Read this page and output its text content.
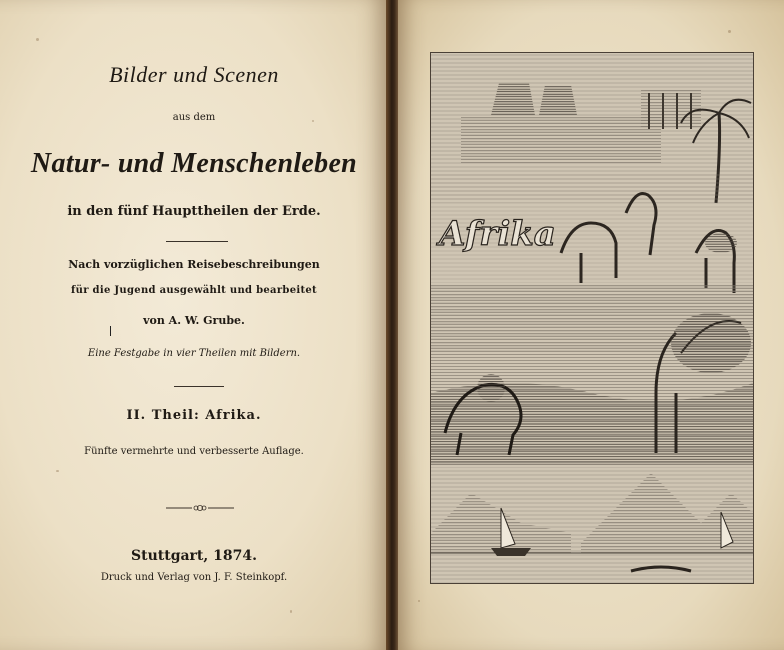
Bilder und Scenen
aus dem
Natur- und Menschenleben
in den fünf Haupttheilen der Erde.
Nach vorzüglichen Reisebeschreibungen
für die Jugend ausgewählt und bearbeitet
von A. W. Grube.
Eine Festgabe in vier Theilen mit Bildern.
II. Theil: Afrika.
Fünfte vermehrte und verbesserte Auflage.
Stuttgart, 1874.
Druck und Verlag von J. F. Steinkopf.
Afrika
